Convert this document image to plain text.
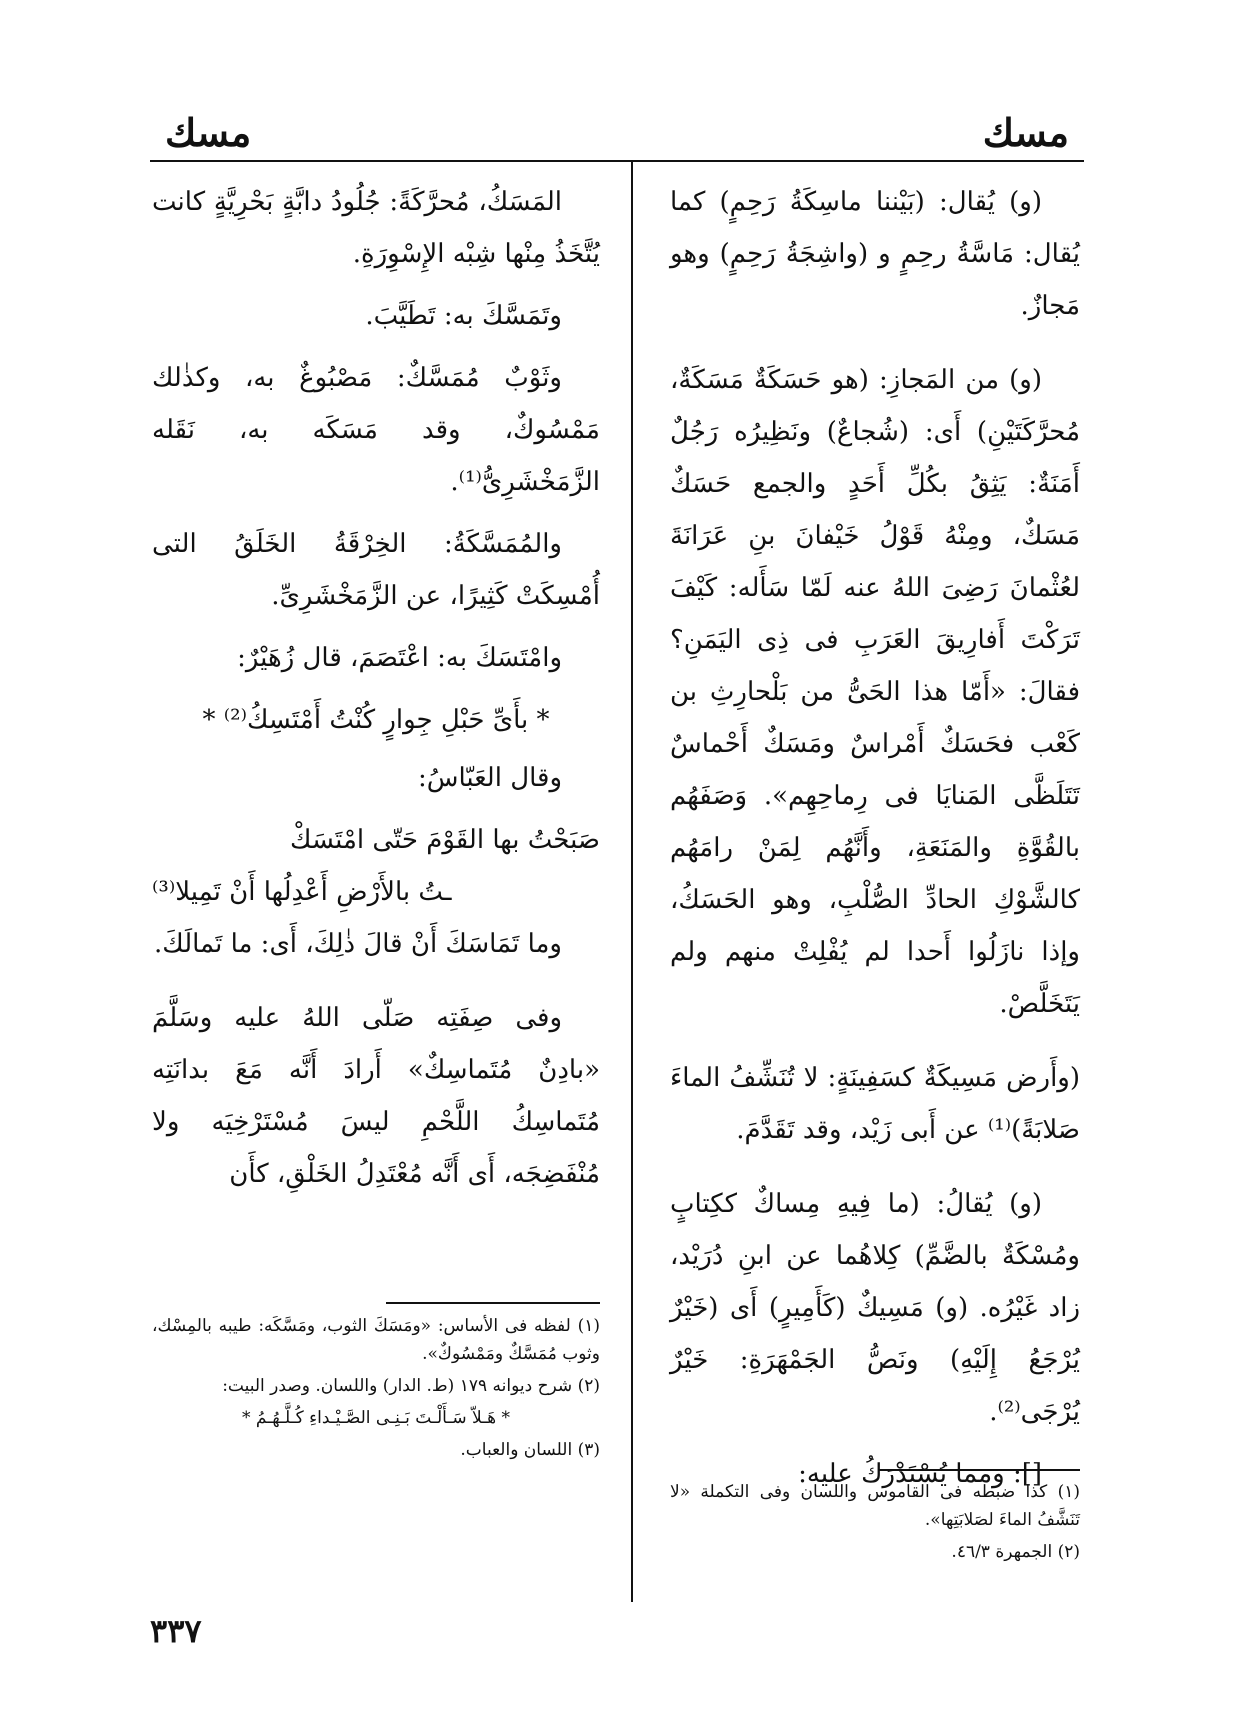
مسك
مسك

(و) يُقال: (بَيْننا ماسِكَةُ رَحِمٍ) كما يُقال: مَاسَّةُ رحِمٍ و (واشِجَةُ رَحِمٍ) وهو مَجازٌ.

(و) من المَجازِ: (هو حَسَكَةٌ مَسَكَةٌ، مُحرَّكَتَيْنِ) أَى: (شُجاعٌ) ونَظِيرُه رَجُلٌ أَمَنَةٌ: يَثِقُ بكُلِّ أَحَدٍ والجمع حَسَكٌ مَسَكٌ، ومِنْهُ قَوْلُ خَيْفانَ بنِ عَرَانَةَ لعُثْمانَ رَضِىَ اللهُ عنه لَمّا سَأَله: كَيْفَ تَرَكْتَ أَفارِيقَ العَرَبِ فى ذِى اليَمَنِ؟ فقالَ: «أَمّا هذا الحَىُّ من بَلْحارِثِ بن كَعْب فحَسَكٌ أَمْراسٌ ومَسَكٌ أَحْماسٌ تَتَلَظَّى المَنايَا فى رِماحِهِم». وَصَفَهُم بالقُوَّةِ والمَنَعَةِ، وأَنَّهُم لِمَنْ رامَهُم كالشَّوْكِ الحادِّ الصُّلْبِ، وهو الحَسَكُ، وإذا نازَلُوا أَحدا لم يُفْلِتْ منهم ولم يَتَخَلَّصْ.

(وأَرض مَسِيكَةٌ كسَفِينَةٍ: لا تُنَشِّفُ الماءَ صَلابَةً)⁽¹⁾ عن أَبى زَيْد، وقد تَقَدَّمَ.

(و) يُقالُ: (ما فِيهِ مِساكٌ ككِتابٍ ومُسْكَةٌ بالضَّمِّ) كِلاهُما عن ابنِ دُرَيْد، زاد غَيْرُه. (و) مَسِيكٌ (كَأَمِيرٍ) أَى (خَيْرٌ يُرْجَعُ إِلَيْهِ) ونَصُّ الجَمْهَرَةِ: خَيْرٌ يُرْجَى⁽²⁾.

[]: ومما يُسْتَدْرَكُ عليه:

المَسَكُ، مُحرَّكَةً: جُلُودُ دابَّةٍ بَحْرِيَّةٍ كانت يُتَّخَذُ مِنْها شِبْه الإِسْوِرَةِ.

وتَمَسَّكَ به: تَطَيَّبَ.

وثَوْبٌ مُمَسَّكٌ: مَصْبُوغٌ به، وكذٰلك مَمْسُوكٌ، وقد مَسَكَه به، نَقَله الزَّمَخْشَرِىُّ⁽¹⁾.

والمُمَسَّكَةُ: الخِرْقَةُ الخَلَقُ التى أُمْسِكَتْ كَثِيرًا، عن الزَّمَخْشَرِىِّ.

وامْتَسَكَ به: اعْتَصَمَ، قال زُهَيْرٌ:

* بأَىِّ حَبْلِ جِوارٍ كُنْتُ أَمْتَسِكُ⁽²⁾ *

وقال العَبّاسُ:

صَبَحْتُ بها القَوْمَ حَتّى امْتَسَكْ

ـتُ بالأَرْضِ أَعْدِلُها أَنْ تَمِيلا⁽³⁾

وما تَمَاسَكَ أَنْ قالَ ذٰلِكَ، أَى: ما تَمالَكَ.

وفى صِفَتِه صَلّى اللهُ عليه وسَلَّمَ «بادِنٌ مُتَماسِكٌ» أَرادَ أَنَّه مَعَ بدانَتِه مُتَماسِكُ اللَّحْمِ ليسَ مُسْتَرْخِيَه ولا مُنْفَضِجَه، أَى أَنَّه مُعْتَدِلُ الخَلْقِ، كأَن

(١) لفظه فى الأساس: «ومَسَكَ الثوب، ومَسَّكَه: طيبه بالمِسْك، وثوب مُمَسَّكٌ ومَمْسُوكٌ».

(٢) شرح ديوانه ١٧٩ (ط. الدار) واللسان. وصدر البيت:

* هَـلاّ سَـأَلْـتَ بَـنِـى الصَّـيْـداءِ كُـلَّـهُـمُ *

(٣) اللسان والعباب.

(١) كذا ضبطه فى القاموس واللسان وفى التكملة «لا تَنَشَّفُ الماءَ لصَلابَتِها».

(٢) الجمهرة ٤٦/٣.

٣٣٧
